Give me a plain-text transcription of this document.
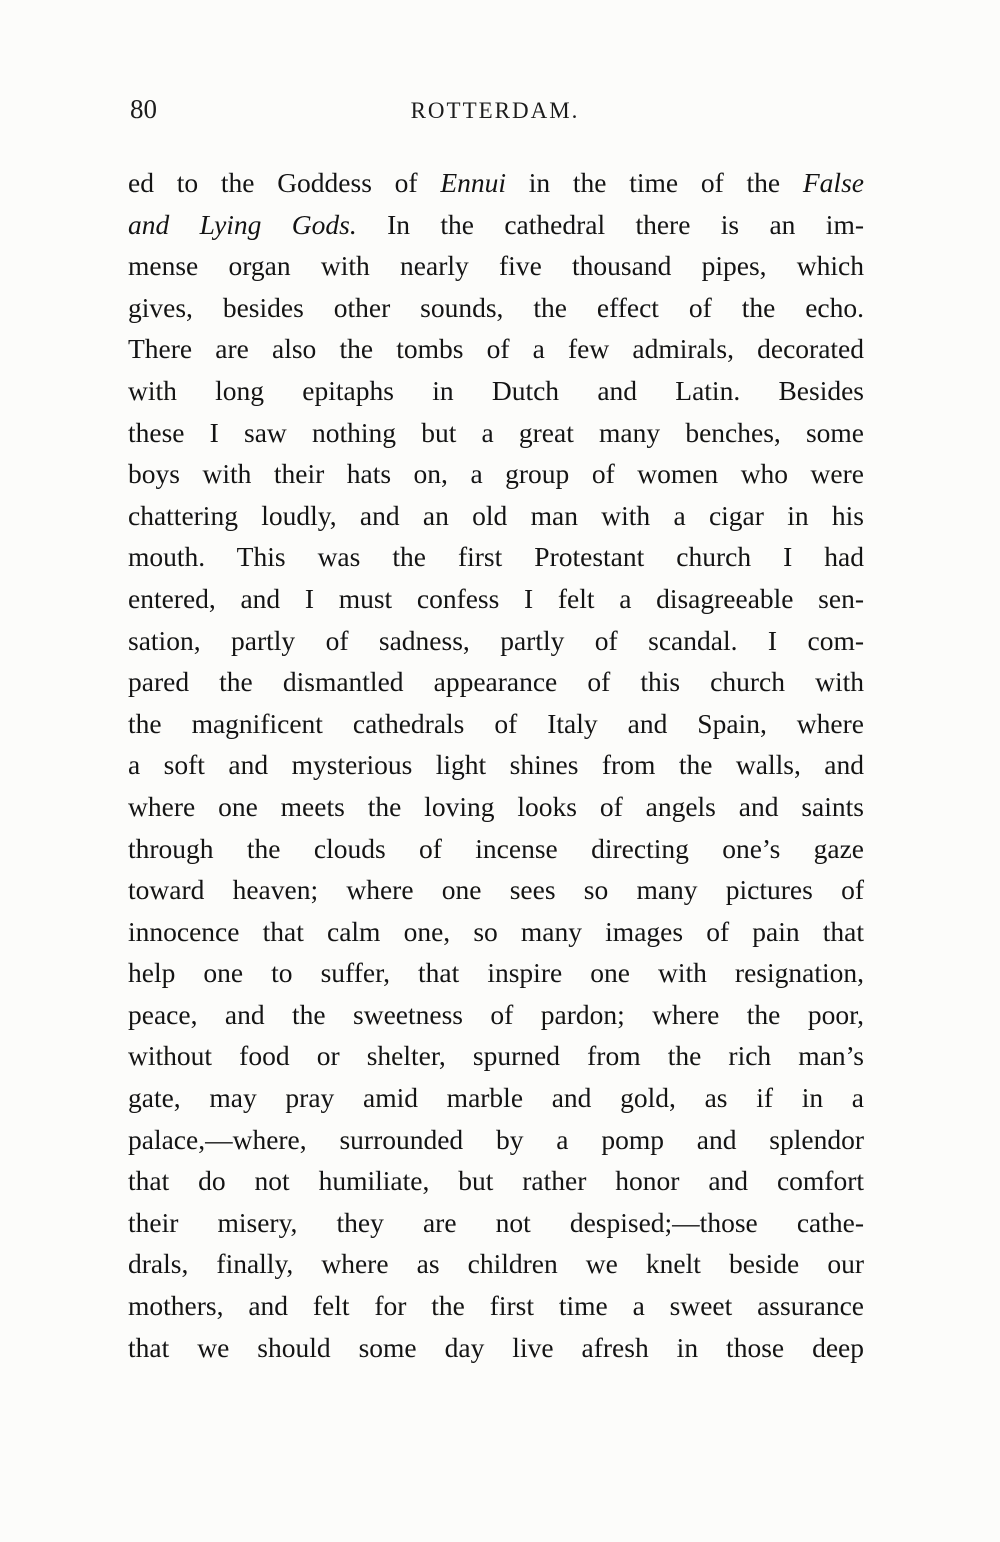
80	ROTTERDAM.
ed to the Goddess of Ennui in the time of the False
and Lying Gods. In the cathedral there is an im-
mense organ with nearly five thousand pipes, which
gives, besides other sounds, the effect of the echo.
There are also the tombs of a few admirals, decorated
with long epitaphs in Dutch and Latin. Besides
these I saw nothing but a great many benches, some
boys with their hats on, a group of women who were
chattering loudly, and an old man with a cigar in his
mouth. This was the first Protestant church I had
entered, and I must confess I felt a disagreeable sen-
sation, partly of sadness, partly of scandal. I com-
pared the dismantled appearance of this church with
the magnificent cathedrals of Italy and Spain, where
a soft and mysterious light shines from the walls, and
where one meets the loving looks of angels and saints
through the clouds of incense directing one’s gaze
toward heaven; where one sees so many pictures of
innocence that calm one, so many images of pain that
help one to suffer, that inspire one with resignation,
peace, and the sweetness of pardon; where the poor,
without food or shelter, spurned from the rich man’s
gate, may pray amid marble and gold, as if in a
palace,—where, surrounded by a pomp and splendor
that do not humiliate, but rather honor and comfort
their misery, they are not despised;—those cathe-
drals, finally, where as children we knelt beside our
mothers, and felt for the first time a sweet assurance
that we should some day live afresh in those deep
